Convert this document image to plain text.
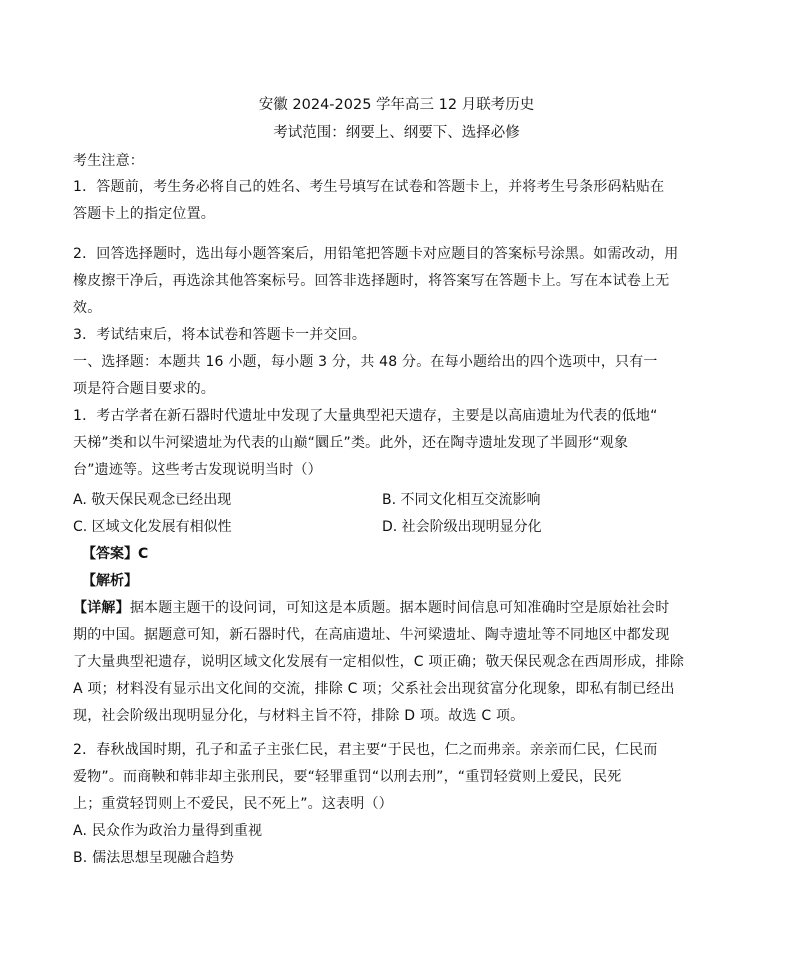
安徽 2024-2025 学年高三 12 月联考历史
考试范围：纲要上、纲要下、选择必修
考生注意：
1．答题前，考生务必将自己的姓名、考生号填写在试卷和答题卡上，并将考生号条形码粘贴在
答题卡上的指定位置。
2．回答选择题时，选出每小题答案后，用铅笔把答题卡对应题目的答案标号涂黑。如需改动，用
橡皮擦干净后，再选涂其他答案标号。回答非选择题时，将答案写在答题卡上。写在本试卷上无
效。
3．考试结束后，将本试卷和答题卡一并交回。
一、选择题：本题共 16 小题，每小题 3 分，共 48 分。在每小题给出的四个选项中，只有一
项是符合题目要求的。
1．考古学者在新石器时代遗址中发现了大量典型祀天遗存，主要是以高庙遗址为代表的低地“
天梯”类和以牛河梁遗址为代表的山巅“圜丘”类。此外，还在陶寺遗址发现了半圆形“观象
台”遗迹等。这些考古发现说明当时（）
A. 敬天保民观念已经出现	B. 不同文化相互交流影响
C. 区域文化发展有相似性	D. 社会阶级出现明显分化
【答案】C
【解析】
【详解】据本题主题干的设问词，可知这是本质题。据本题时间信息可知准确时空是原始社会时
期的中国。据题意可知，新石器时代，在高庙遗址、牛河梁遗址、陶寺遗址等不同地区中都发现
了大量典型祀遗存，说明区域文化发展有一定相似性，C 项正确；敬天保民观念在西周形成，排除
A 项；材料没有显示出文化间的交流，排除 C 项；父系社会出现贫富分化现象，即私有制已经出
现，社会阶级出现明显分化，与材料主旨不符，排除 D 项。故选 C 项。
2．春秋战国时期，孔子和孟子主张仁民，君主要“于民也，仁之而弗亲。亲亲而仁民，仁民而
爱物”。而商鞅和韩非却主张刑民，要“轻罪重罚“以刑去刑”，“重罚轻赏则上爱民，民死
上；重赏轻罚则上不爱民，民不死上”。这表明（）
A. 民众作为政治力量得到重视
B. 儒法思想呈现融合趋势
